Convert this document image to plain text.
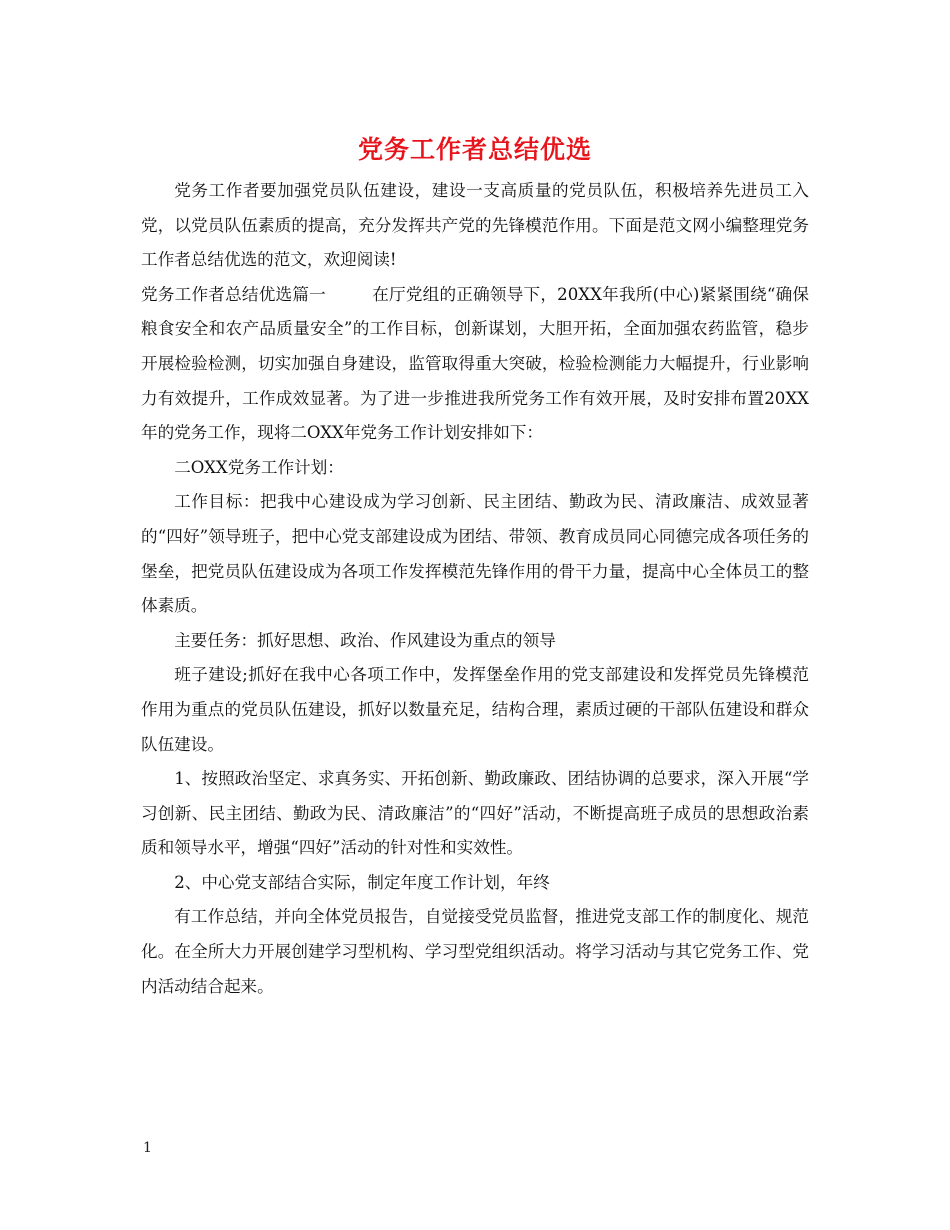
党务工作者总结优选

党务工作者要加强党员队伍建设，建设一支高质量的党员队伍，积极培养先进员工入党，以党员队伍素质的提高，充分发挥共产党的先锋模范作用。下面是范文网小编整理党务工作者总结优选的范文，欢迎阅读!

党务工作者总结优选篇一	在厅党组的正确领导下，20XX年我所(中心)紧紧围绕“确保粮食安全和农产品质量安全”的工作目标，创新谋划，大胆开拓，全面加强农药监管，稳步开展检验检测，切实加强自身建设，监管取得重大突破，检验检测能力大幅提升，行业影响力有效提升，工作成效显著。为了进一步推进我所党务工作有效开展，及时安排布置20XX年的党务工作，现将二OXX年党务工作计划安排如下：

二OXX党务工作计划：

工作目标：把我中心建设成为学习创新、民主团结、勤政为民、清政廉洁、成效显著的“四好”领导班子，把中心党支部建设成为团结、带领、教育成员同心同德完成各项任务的堡垒，把党员队伍建设成为各项工作发挥模范先锋作用的骨干力量，提高中心全体员工的整体素质。

主要任务：抓好思想、政治、作风建设为重点的领导

班子建设;抓好在我中心各项工作中，发挥堡垒作用的党支部建设和发挥党员先锋模范作用为重点的党员队伍建设，抓好以数量充足，结构合理，素质过硬的干部队伍建设和群众队伍建设。

1、按照政治坚定、求真务实、开拓创新、勤政廉政、团结协调的总要求，深入开展“学习创新、民主团结、勤政为民、清政廉洁”的“四好”活动，不断提高班子成员的思想政治素质和领导水平，增强“四好”活动的针对性和实效性。

2、中心党支部结合实际，制定年度工作计划，年终

有工作总结，并向全体党员报告，自觉接受党员监督，推进党支部工作的制度化、规范化。在全所大力开展创建学习型机构、学习型党组织活动。将学习活动与其它党务工作、党内活动结合起来。

1
